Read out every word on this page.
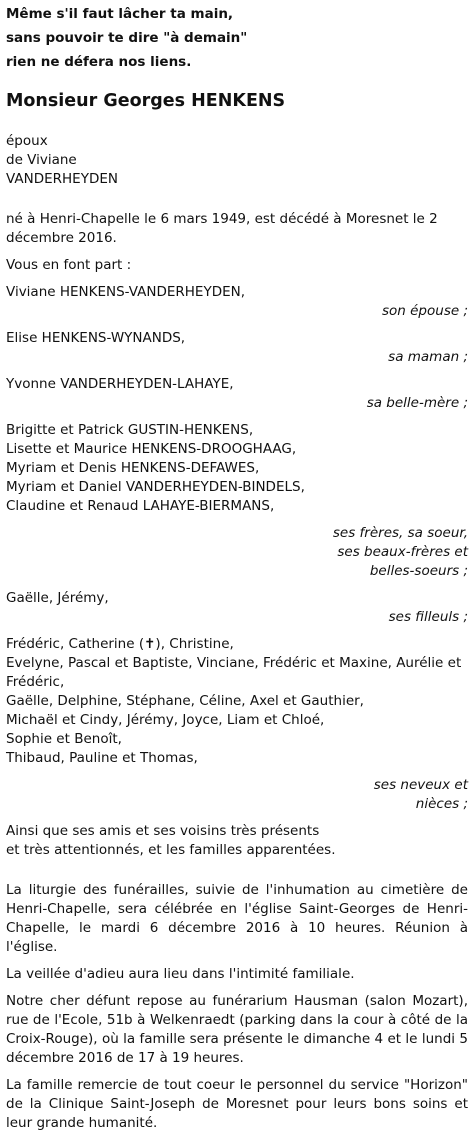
Même s'il faut lâcher ta main,
sans pouvoir te dire "à demain"
rien ne défera nos liens.
Monsieur Georges HENKENS
époux
de Viviane
VANDERHEYDEN
né à Henri-Chapelle le 6 mars 1949, est décédé à Moresnet le 2 décembre 2016.
Vous en font part :
Viviane HENKENS-VANDERHEYDEN,
son épouse ;
Elise HENKENS-WYNANDS,
sa maman ;
Yvonne VANDERHEYDEN-LAHAYE,
sa belle-mère ;
Brigitte et Patrick GUSTIN-HENKENS,
Lisette et Maurice HENKENS-DROOGHAAG,
Myriam et Denis HENKENS-DEFAWES,
Myriam et Daniel VANDERHEYDEN-BINDELS,
Claudine et Renaud LAHAYE-BIERMANS,
ses frères, sa soeur,
ses beaux-frères et
belles-soeurs ;
Gaëlle, Jérémy,
ses filleuls ;
Frédéric, Catherine (✝), Christine,
Evelyne, Pascal et Baptiste, Vinciane, Frédéric et Maxine, Aurélie et
Frédéric,
Gaëlle, Delphine, Stéphane, Céline, Axel et Gauthier,
Michaël et Cindy, Jérémy, Joyce, Liam et Chloé,
Sophie et Benoît,
Thibaud, Pauline et Thomas,
ses neveux et
nièces ;
Ainsi que ses amis et ses voisins très présents
et très attentionnés, et les familles apparentées.
La liturgie des funérailles, suivie de l'inhumation au cimetière de Henri-Chapelle, sera célébrée en l'église Saint-Georges de Henri-Chapelle, le mardi 6 décembre 2016 à 10 heures. Réunion à l'église.
La veillée d'adieu aura lieu dans l'intimité familiale.
Notre cher défunt repose au funérarium Hausman (salon Mozart), rue de l'Ecole, 51b à Welkenraedt (parking dans la cour à côté de la Croix-Rouge), où la famille sera présente le dimanche 4 et le lundi 5 décembre 2016 de 17 à 19 heures.
La famille remercie de tout coeur le personnel du service "Horizon" de la Clinique Saint-Joseph de Moresnet pour leurs bons soins et leur grande humanité.
